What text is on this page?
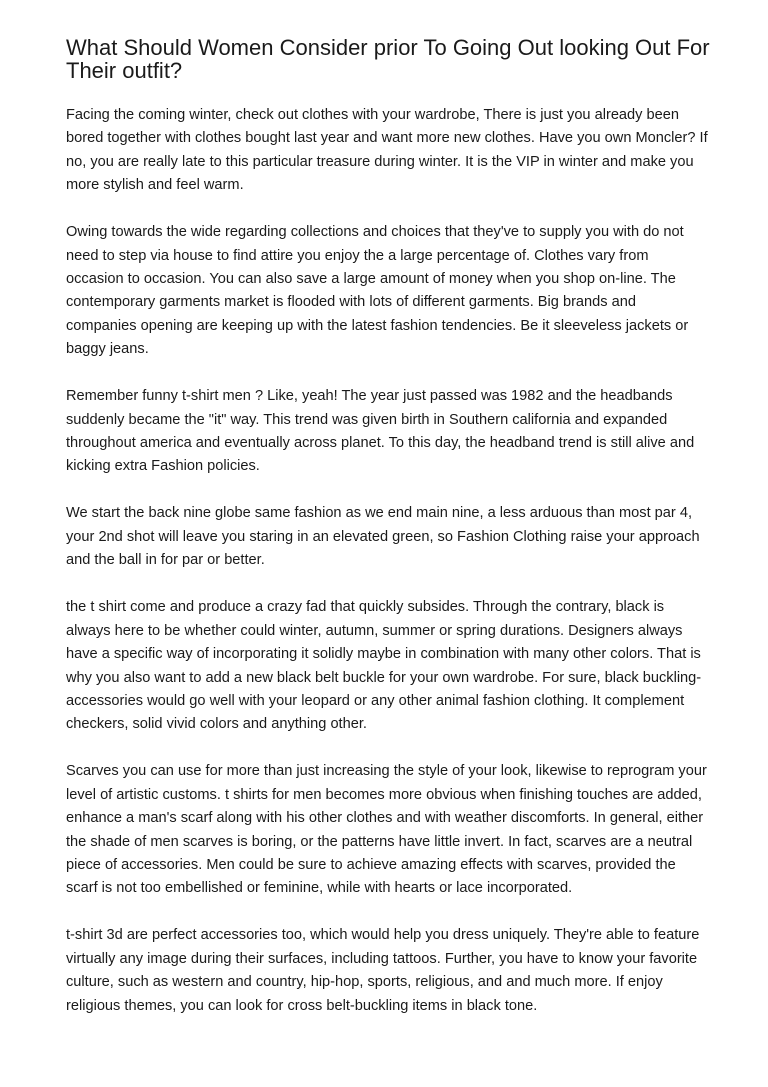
What Should Women Consider prior To Going Out looking Out For Their outfit?

Facing the coming winter, check out clothes with your wardrobe, There is just you already been bored together with clothes bought last year and want more new clothes. Have you own Moncler? If no, you are really late to this particular treasure during winter. It is the VIP in winter and make you more stylish and feel warm.

Owing towards the wide regarding collections and choices that they've to supply you with do not need to step via house to find attire you enjoy the a large percentage of. Clothes vary from occasion to occasion. You can also save a large amount of money when you shop on-line. The contemporary garments market is flooded with lots of different garments. Big brands and companies opening are keeping up with the latest fashion tendencies. Be it sleeveless jackets or baggy jeans.

Remember funny t-shirt men ? Like, yeah! The year just passed was 1982 and the headbands suddenly became the "it" way. This trend was given birth in Southern california and expanded throughout america and eventually across planet. To this day, the headband trend is still alive and kicking extra Fashion policies.

We start the back nine globe same fashion as we end main nine, a less arduous than most par 4, your 2nd shot will leave you staring in an elevated green, so Fashion Clothing raise your approach and the ball in for par or better.

the t shirt come and produce a crazy fad that quickly subsides. Through the contrary, black is always here to be whether could winter, autumn, summer or spring durations. Designers always have a specific way of incorporating it solidly maybe in combination with many other colors. That is why you also want to add a new black belt buckle for your own wardrobe. For sure, black buckling-accessories would go well with your leopard or any other animal fashion clothing. It complement checkers, solid vivid colors and anything other.

Scarves you can use for more than just increasing the style of your look, likewise to reprogram your level of artistic customs. t shirts for men becomes more obvious when finishing touches are added, enhance a man's scarf along with his other clothes and with weather discomforts. In general, either the shade of men scarves is boring, or the patterns have little invert. In fact, scarves are a neutral piece of accessories. Men could be sure to achieve amazing effects with scarves, provided the scarf is not too embellished or feminine, while with hearts or lace incorporated.

t-shirt 3d are perfect accessories too, which would help you dress uniquely. They're able to feature virtually any image during their surfaces, including tattoos. Further, you have to know your favorite culture, such as western and country, hip-hop, sports, religious, and and much more. If enjoy religious themes, you can look for cross belt-buckling items in black tone.
